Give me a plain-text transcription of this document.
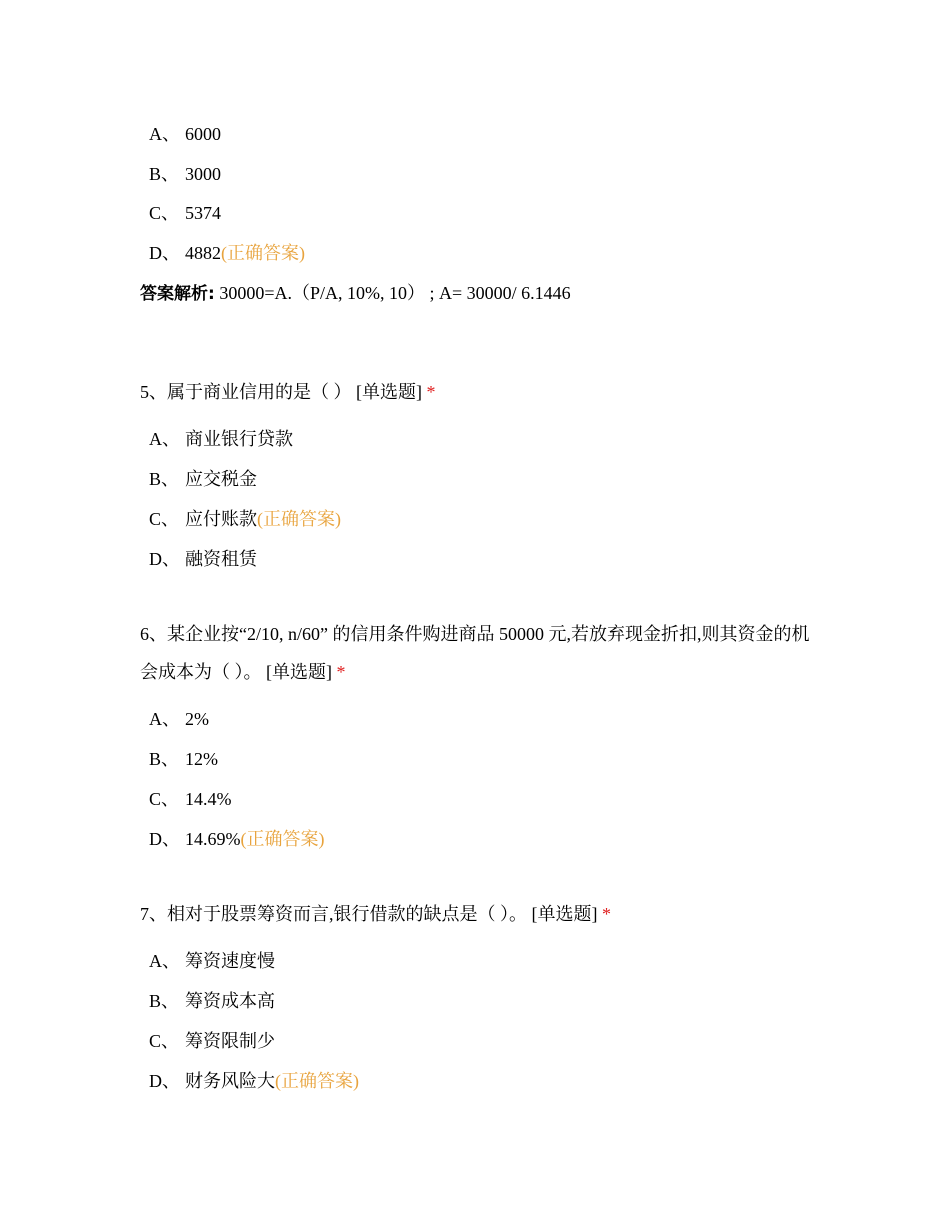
A、 6000
B、 3000
C、 5374
D、 4882(正确答案)
答案解析: 30000=A.（P/A, 10%, 10） ; A= 30000/ 6.1446
5、属于商业信用的是（ ） [单选题] *
A、 商业银行贷款
B、 应交税金
C、 应付账款(正确答案)
D、 融资租赁
6、某企业按“2/10, n/60” 的信用条件购进商品 50000 元,若放弃现金折扣,则其资金的机会成本为（ ）。 [单选题] *
A、 2%
B、 12%
C、 14.4%
D、 14.69%(正确答案)
7、相对于股票筹资而言,银行借款的缺点是（ ）。 [单选题] *
A、 筹资速度慢
B、 筹资成本高
C、 筹资限制少
D、 财务风险大(正确答案)
